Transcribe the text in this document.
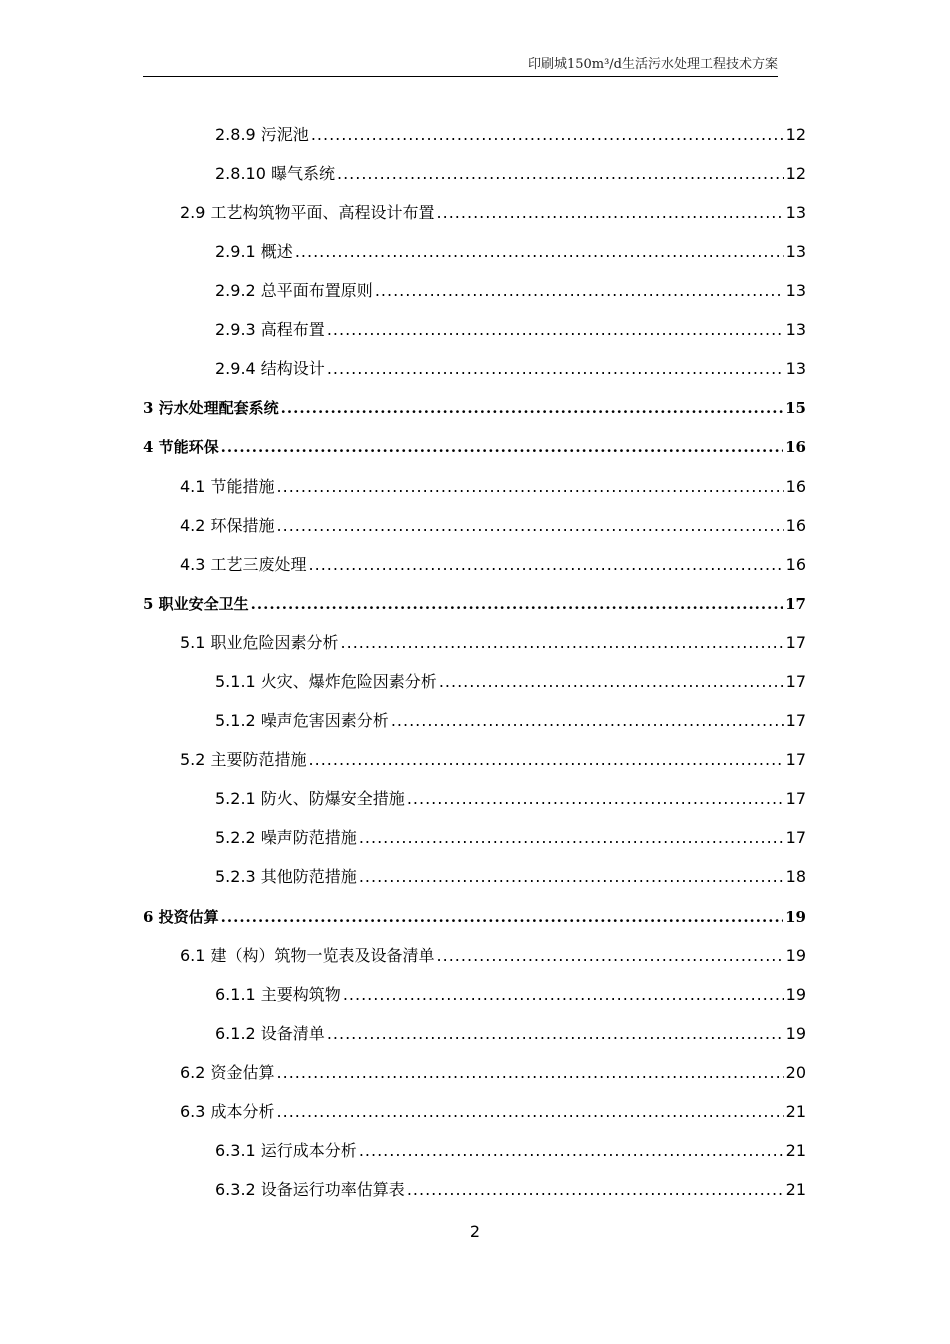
印刷城150m³/d生活污水处理工程技术方案
2.8.9 污泥池 .....	12
2.8.10 曝气系统 .....	12
2.9 工艺构筑物平面、高程设计布置 .....	13
2.9.1 概述 .....	13
2.9.2 总平面布置原则 .....	13
2.9.3 高程布置 .....	13
2.9.4 结构设计 .....	13
3 污水处理配套系统 .....	15
4 节能环保 .....	16
4.1 节能措施 .....	16
4.2 环保措施 .....	16
4.3 工艺三废处理 .....	16
5 职业安全卫生 .....	17
5.1 职业危险因素分析 .....	17
5.1.1 火灾、爆炸危险因素分析 .....	17
5.1.2 噪声危害因素分析 .....	17
5.2 主要防范措施 .....	17
5.2.1 防火、防爆安全措施 .....	17
5.2.2 噪声防范措施 .....	17
5.2.3 其他防范措施 .....	18
6 投资估算 .....	19
6.1 建（构）筑物一览表及设备清单 .....	19
6.1.1 主要构筑物 .....	19
6.1.2 设备清单 .....	19
6.2 资金估算 .....	20
6.3 成本分析 .....	21
6.3.1 运行成本分析 .....	21
6.3.2 设备运行功率估算表 .....	21
2
